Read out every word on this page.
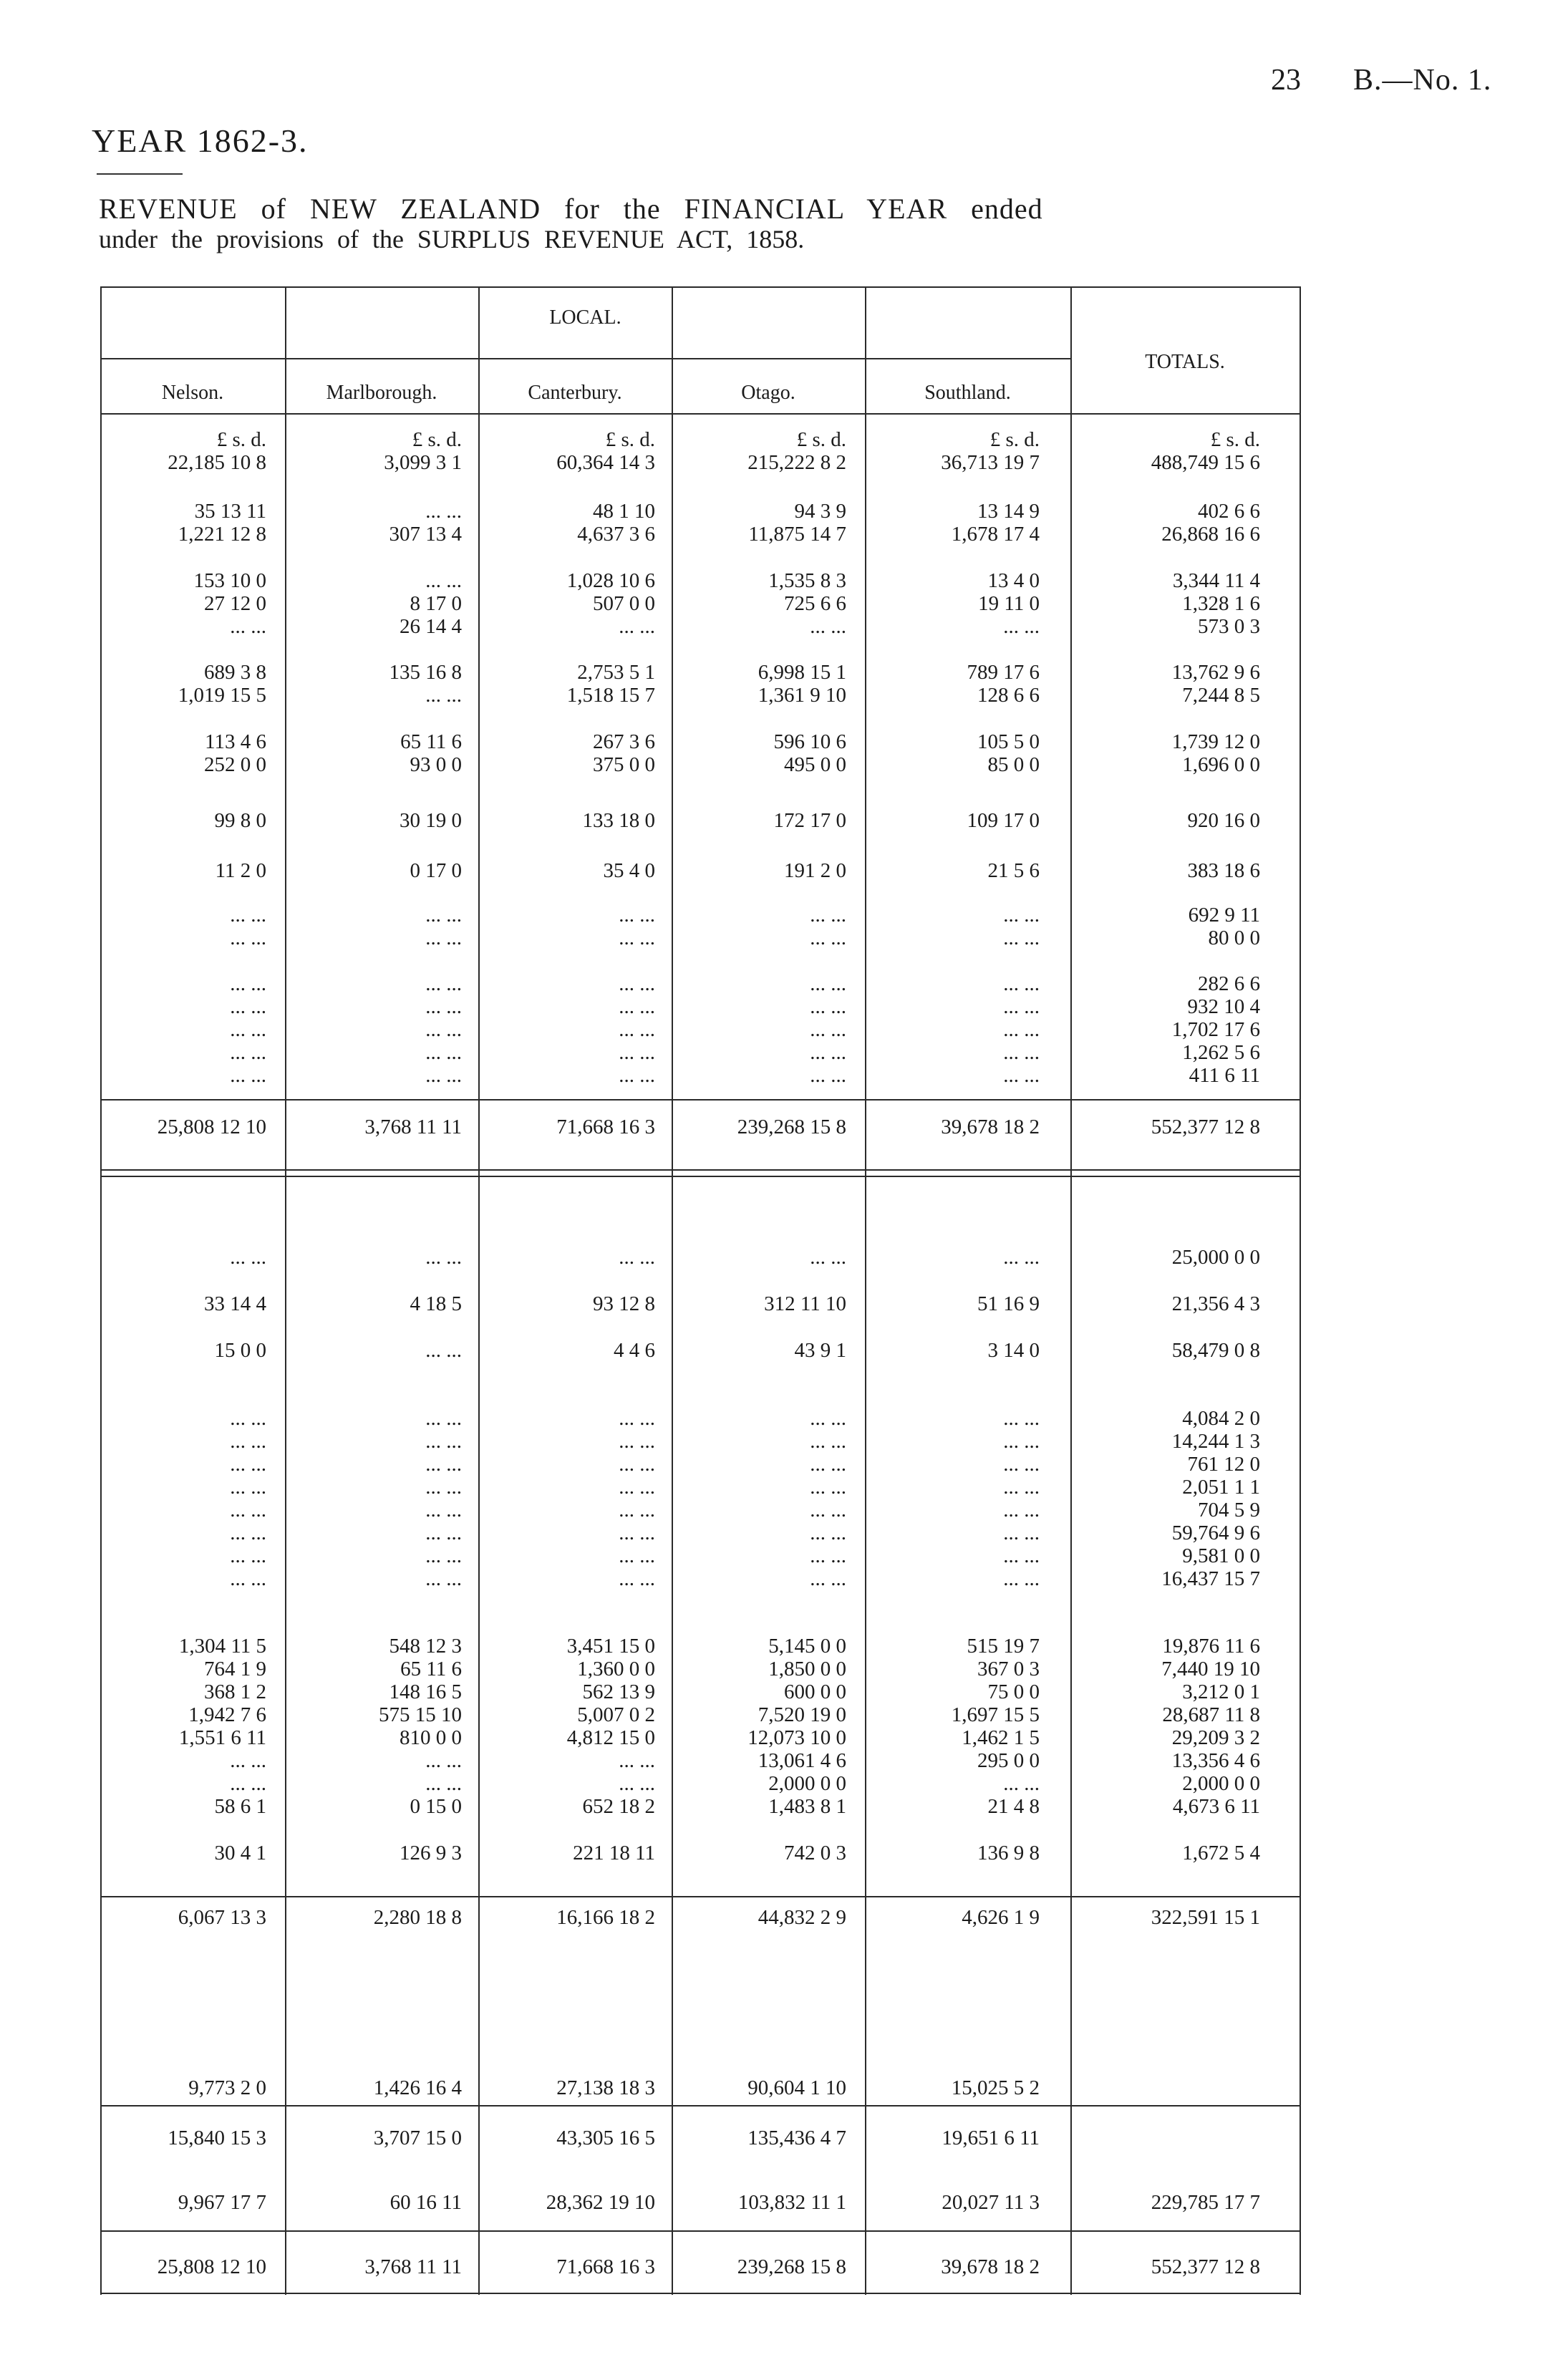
23 B.—No. 1.
YEAR 1862-3.
REVENUE of NEW ZEALAND for the FINANCIAL YEAR ended
under the provisions of the SURPLUS REVENUE ACT, 1858.
LOCAL.
TOTALS.
Nelson.	Marlborough.	Canterbury.	Otago.	Southland.
£ s. d.	£ s. d.	£ s. d.	£ s. d.	£ s. d.	£ s. d.
22,185 10 8	3,099 3 1	60,364 14 3	215,222 8 2	36,713 19 7	488,749 15 6
35 13 11	... ...	48 1 10	94 3 9	13 14 9	402 6 6
1,221 12 8	307 13 4	4,637 3 6	11,875 14 7	1,678 17 4	26,868 16 6
153 10 0	... ...	1,028 10 6	1,535 8 3	13 4 0	3,344 11 4
27 12 0	8 17 0	507 0 0	725 6 6	19 11 0	1,328 1 6
... ...	26 14 4	... ...	... ...	... ...	573 0 3
689 3 8	135 16 8	2,753 5 1	6,998 15 1	789 17 6	13,762 9 6
1,019 15 5	... ...	1,518 15 7	1,361 9 10	128 6 6	7,244 8 5
113 4 6	65 11 6	267 3 6	596 10 6	105 5 0	1,739 12 0
252 0 0	93 0 0	375 0 0	495 0 0	85 0 0	1,696 0 0
99 8 0	30 19 0	133 18 0	172 17 0	109 17 0	920 16 0
11 2 0	0 17 0	35 4 0	191 2 0	21 5 6	383 18 6
... ...	... ...	... ...	... ...	... ...	692 9 11
... ...	... ...	... ...	... ...	... ...	80 0 0
... ...	... ...	... ...	... ...	... ...	282 6 6
... ...	... ...	... ...	... ...	... ...	932 10 4
... ...	... ...	... ...	... ...	... ...	1,702 17 6
... ...	... ...	... ...	... ...	... ...	1,262 5 6
... ...	... ...	... ...	... ...	... ...	411 6 11
25,808 12 10	3,768 11 11	71,668 16 3	239,268 15 8	39,678 18 2	552,377 12 8
... ...	... ...	... ...	... ...	... ...	25,000 0 0
33 14 4	4 18 5	93 12 8	312 11 10	51 16 9	21,356 4 3
15 0 0	... ...	4 4 6	43 9 1	3 14 0	58,479 0 8
... ...	... ...	... ...	... ...	... ...	4,084 2 0
... ...	... ...	... ...	... ...	... ...	14,244 1 3
... ...	... ...	... ...	... ...	... ...	761 12 0
... ...	... ...	... ...	... ...	... ...	2,051 1 1
... ...	... ...	... ...	... ...	... ...	704 5 9
... ...	... ...	... ...	... ...	... ...	59,764 9 6
... ...	... ...	... ...	... ...	... ...	9,581 0 0
... ...	... ...	... ...	... ...	... ...	16,437 15 7
1,304 11 5	548 12 3	3,451 15 0	5,145 0 0	515 19 7	19,876 11 6
764 1 9	65 11 6	1,360 0 0	1,850 0 0	367 0 3	7,440 19 10
368 1 2	148 16 5	562 13 9	600 0 0	75 0 0	3,212 0 1
1,942 7 6	575 15 10	5,007 0 2	7,520 19 0	1,697 15 5	28,687 11 8
1,551 6 11	810 0 0	4,812 15 0	12,073 10 0	1,462 1 5	29,209 3 2
... ...	... ...	... ...	13,061 4 6	295 0 0	13,356 4 6
... ...	... ...	... ...	2,000 0 0	... ...	2,000 0 0
58 6 1	0 15 0	652 18 2	1,483 8 1	21 4 8	4,673 6 11
30 4 1	126 9 3	221 18 11	742 0 3	136 9 8	1,672 5 4
6,067 13 3	2,280 18 8	16,166 18 2	44,832 2 9	4,626 1 9	322,591 15 1
9,773 2 0	1,426 16 4	27,138 18 3	90,604 1 10	15,025 5 2
15,840 15 3	3,707 15 0	43,305 16 5	135,436 4 7	19,651 6 11
9,967 17 7	60 16 11	28,362 19 10	103,832 11 1	20,027 11 3	229,785 17 7
25,808 12 10	3,768 11 11	71,668 16 3	239,268 15 8	39,678 18 2	552,377 12 8
